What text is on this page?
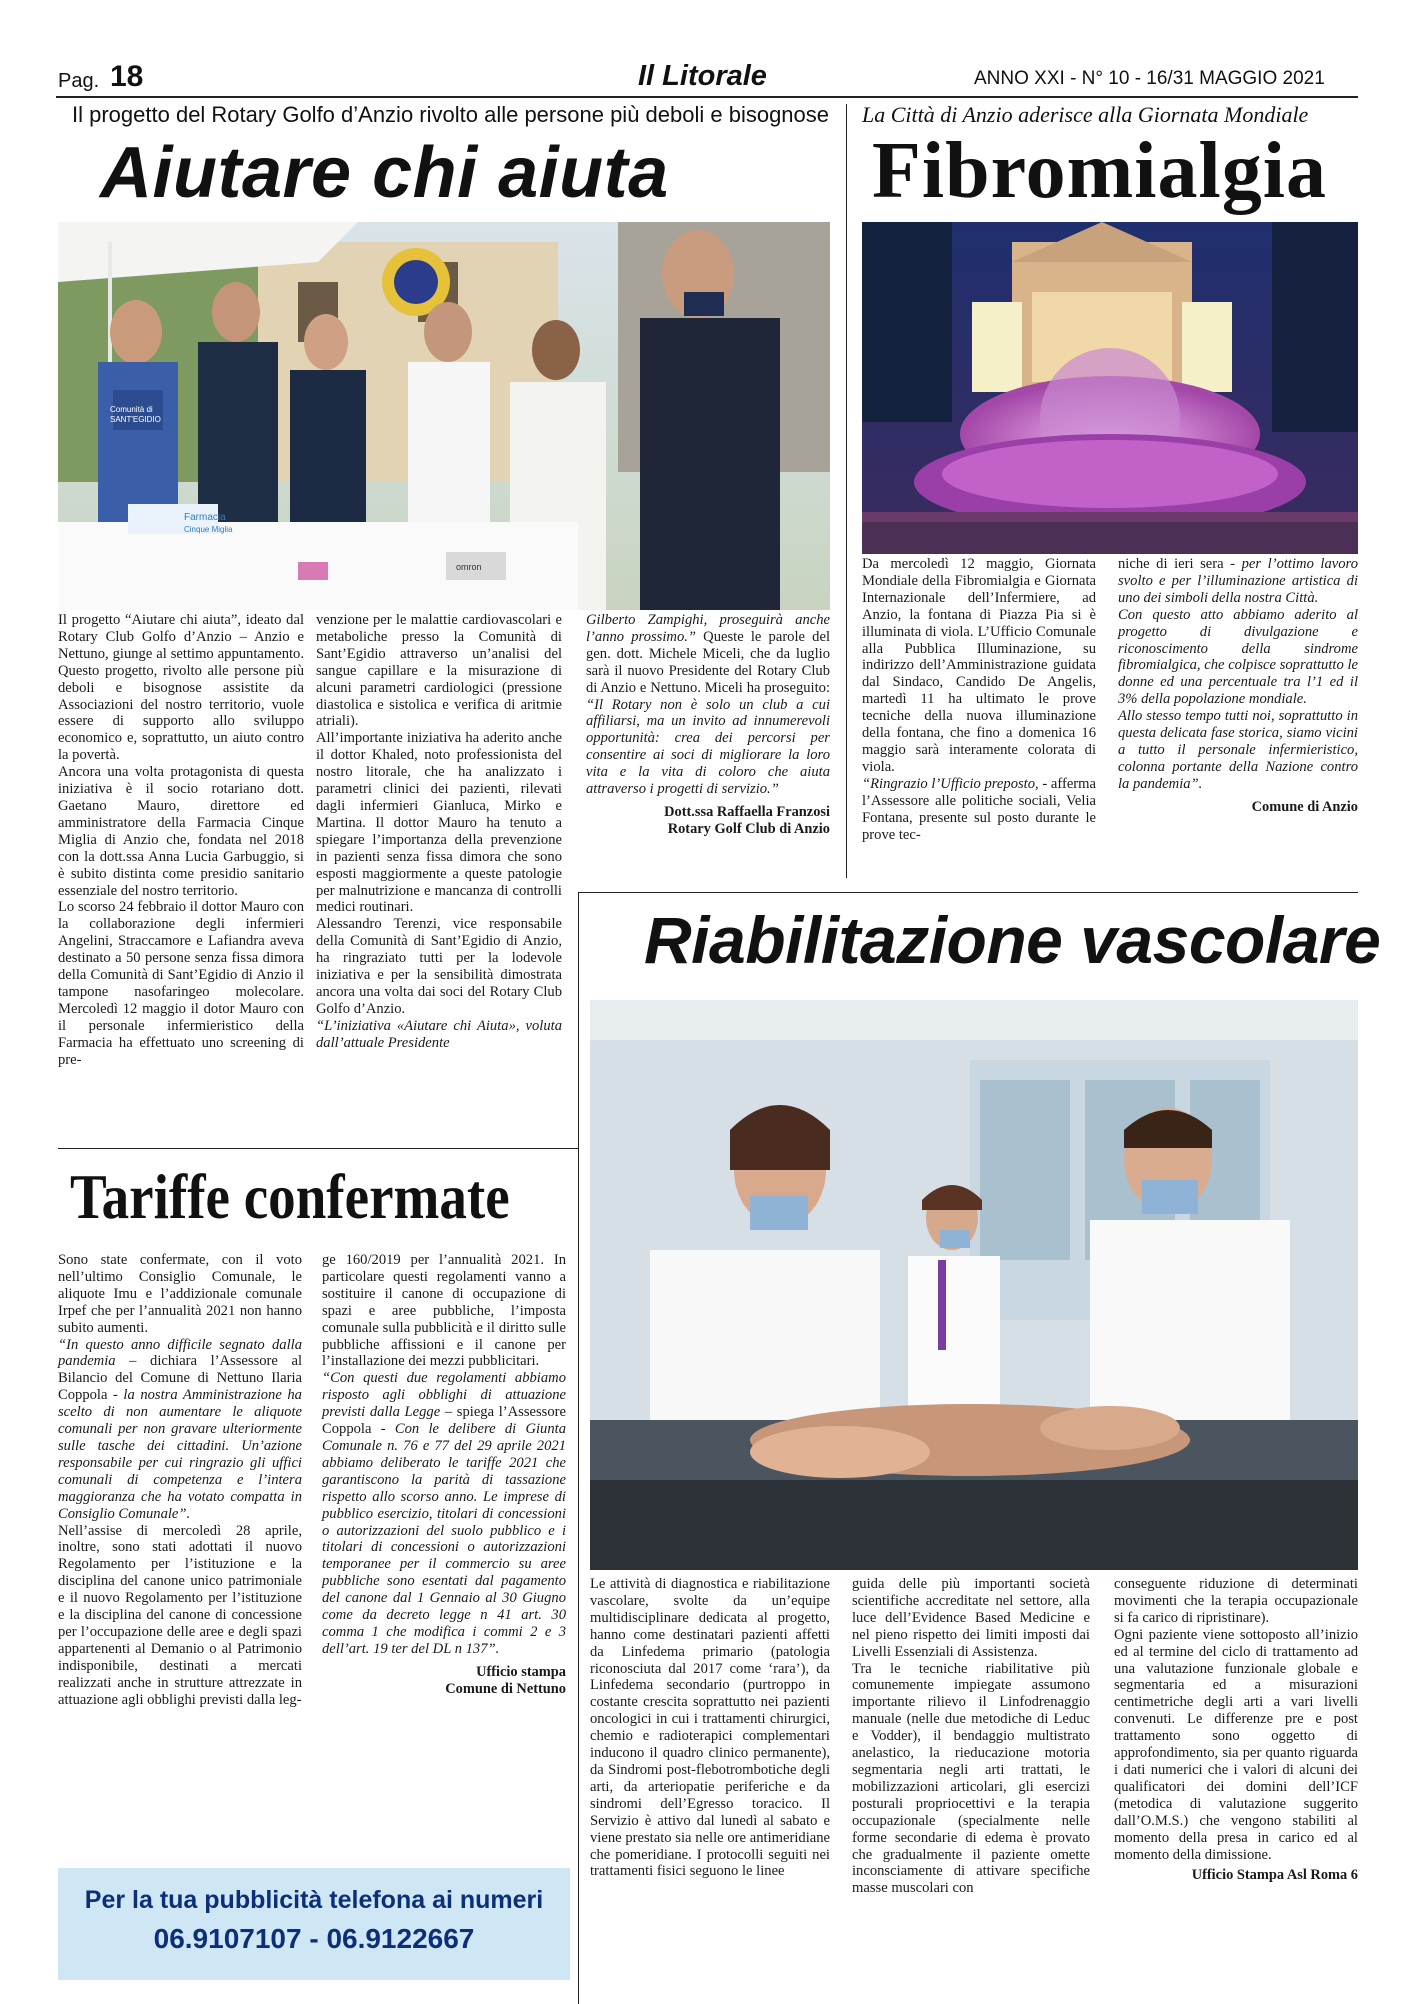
Pag. 18	Il Litorale	ANNO XXI - N° 10 - 16/31 MAGGIO 2021
Il progetto del Rotary Golfo d’Anzio rivolto alle persone più deboli e bisognose
Aiutare chi aiuta
La Città di Anzio aderisce alla Giornata Mondiale
Fibromialgia
Farmacia
Cinque Miglia
Comunità di
SANT'EGIDIO
omron

Il progetto “Aiutare chi aiuta”, ideato dal Rotary Club Golfo d’Anzio – Anzio e Nettuno, giunge al settimo appuntamento. Questo progetto, rivolto alle persone più deboli e bisognose assistite da Associazioni del nostro territorio, vuole essere di supporto allo sviluppo economico e, soprattutto, un aiuto contro la povertà.

Ancora una volta protagonista di questa iniziativa è il socio rotariano dott. Gaetano Mauro, direttore ed amministratore della Farmacia Cinque Miglia di Anzio che, fondata nel 2018 con la dott.ssa Anna Lucia Garbuggio, si è subito distinta come presidio sanitario essenziale del nostro territorio.

Lo scorso 24 febbraio il dottor Mauro con la collaborazione degli infermieri Angelini, Straccamore e Lafiandra aveva destinato a 50 persone senza fissa dimora della Comunità di Sant’Egidio di Anzio il tampone nasofaringeo molecolare. Mercoledì 12 maggio il dotor Mauro con il personale infermieristico della Farmacia ha effettuato uno screening di pre-

venzione per le malattie cardiovascolari e metaboliche presso la Comunità di Sant’Egidio attraverso un’analisi del sangue capillare e la misurazione di alcuni parametri cardiologici (pressione diastolica e sistolica e verifica di aritmie atriali).

All’importante iniziativa ha aderito anche il dottor Khaled, noto professionista del nostro litorale, che ha analizzato i parametri clinici dei pazienti, rilevati dagli infermieri Gianluca, Mirko e Martina. Il dottor Mauro ha tenuto a spiegare l’importanza della prevenzione in pazienti senza fissa dimora che sono esposti maggiormente a queste patologie per malnutrizione e mancanza di controlli medici routinari.

Alessandro Terenzi, vice responsabile della Comunità di Sant’Egidio di Anzio, ha ringraziato tutti per la lodevole iniziativa e per la sensibilità dimostrata ancora una volta dai soci del Rotary Club Golfo d’Anzio.

“L’iniziativa «Aiutare chi Aiuta», voluta dall’attuale Presidente

Gilberto Zampighi, proseguirà anche l’anno prossimo.” Queste le parole del gen. dott. Michele Miceli, che da luglio sarà il nuovo Presidente del Rotary Club di Anzio e Nettuno. Miceli ha proseguito: “Il Rotary non è solo un club a cui affiliarsi, ma un invito ad innumerevoli opportunità: crea dei percorsi per consentire ai soci di migliorare la loro vita e la vita di coloro che aiuta attraverso i progetti di servizio.”

Dott.ssa Raffaella Franzosi

Rotary Golf Club di Anzio

Da mercoledì 12 maggio, Giornata Mondiale della Fibromialgia e Giornata Internazionale dell’Infermiere, ad Anzio, la fontana di Piazza Pia si è illuminata di viola. L’Ufficio Comunale alla Pubblica Illuminazione, su indirizzo dell’Amministrazione guidata dal Sindaco, Candido De Angelis, martedì 11 ha ultimato le prove tecniche della nuova illuminazione della fontana, che fino a domenica 16 maggio sarà interamente colorata di viola.

“Ringrazio l’Ufficio preposto, - afferma l’Assessore alle politiche sociali, Velia Fontana, presente sul posto durante le prove tec-

niche di ieri sera - per l’ottimo lavoro svolto e per l’illuminazione artistica di uno dei simboli della nostra Città.

Con questo atto abbiamo aderito al progetto di divulgazione e riconoscimento della sindrome fibromialgica, che colpisce soprattutto le donne ed una percentuale tra l’1 ed il 3% della popolazione mondiale.

Allo stesso tempo tutti noi, soprattutto in questa delicata fase storica, siamo vicini a tutto il personale infermieristico, colonna portante della Nazione contro la pandemia”.

Comune di Anzio

Riabilitazione vascolare
Tariffe confermate

Sono state confermate, con il voto nell’ultimo Consiglio Comunale, le aliquote Imu e l’addizionale comunale Irpef che per l’annualità 2021 non hanno subito aumenti.

“In questo anno difficile segnato dalla pandemia – dichiara l’Assessore al Bilancio del Comune di Nettuno Ilaria Coppola - la nostra Amministrazione ha scelto di non aumentare le aliquote comunali per non gravare ulteriormente sulle tasche dei cittadini. Un’azione responsabile per cui ringrazio gli uffici comunali di competenza e l’intera maggioranza che ha votato compatta in Consiglio Comunale”.

Nell’assise di mercoledì 28 aprile, inoltre, sono stati adottati il nuovo Regolamento per l’istituzione e la disciplina del canone unico patrimoniale e il nuovo Regolamento per l’istituzione e la disciplina del canone di concessione per l’occupazione delle aree e degli spazi appartenenti al Demanio o al Patrimonio indisponibile, destinati a mercati realizzati anche in strutture attrezzate in attuazione agli obblighi previsti dalla leg-

ge 160/2019 per l’annualità 2021. In particolare questi regolamenti vanno a sostituire il canone di occupazione di spazi e aree pubbliche, l’imposta comunale sulla pubblicità e il diritto sulle pubbliche affissioni e il canone per l’installazione dei mezzi pubblicitari.

“Con questi due regolamenti abbiamo risposto agli obblighi di attuazione previsti dalla Legge – spiega l’Assessore Coppola - Con le delibere di Giunta Comunale n. 76 e 77 del 29 aprile 2021 abbiamo deliberato le tariffe 2021 che garantiscono la parità di tassazione rispetto allo scorso anno. Le imprese di pubblico esercizio, titolari di concessioni o autorizzazioni del suolo pubblico e i titolari di concessioni o autorizzazioni temporanee per il commercio su aree pubbliche sono esentati dal pagamento del canone dal 1 Gennaio al 30 Giugno come da decreto legge n 41 art. 30 comma 1 che modifica i commi 2 e 3 dell’art. 19 ter del DL n 137”.

Ufficio stampa

Comune di Nettuno

Per la tua pubblicità telefona ai numeri
06.9107107 - 06.9122667

Le attività di diagnostica e riabilitazione vascolare, svolte da un’equipe multidisciplinare dedicata al progetto, hanno come destinatari pazienti affetti da Linfedema primario (patologia riconosciuta dal 2017 come ‘rara’), da Linfedema secondario (purtroppo in costante crescita soprattutto nei pazienti oncologici in cui i trattamenti chirurgici, chemio e radioterapici complementari inducono il quadro clinico permanente), da Sindromi post-flebotrombotiche degli arti, da arteriopatie periferiche e da sindromi dell’Egresso toracico. Il Servizio è attivo dal lunedì al sabato e viene prestato sia nelle ore antimeridiane che pomeridiane. I protocolli seguiti nei trattamenti fisici seguono le linee

guida delle più importanti società scientifiche accreditate nel settore, alla luce dell’Evidence Based Medicine e nel pieno rispetto dei limiti imposti dai Livelli Essenziali di Assistenza.

Tra le tecniche riabilitative più comunemente impiegate assumono importante rilievo il Linfodrenaggio manuale (nelle due metodiche di Leduc e Vodder), il bendaggio multistrato anelastico, la rieducazione motoria segmentaria negli arti trattati, le mobilizzazioni articolari, gli esercizi posturali propriocettivi e la terapia occupazionale (specialmente nelle forme secondarie di edema è provato che gradualmente il paziente omette inconsciamente di attivare specifiche masse muscolari con

conseguente riduzione di determinati movimenti che la terapia occupazionale si fa carico di ripristinare).

Ogni paziente viene sottoposto all’inizio ed al termine del ciclo di trattamento ad una valutazione funzionale globale e segmentaria ed a misurazioni centimetriche degli arti a vari livelli convenuti. Le differenze pre e post trattamento sono oggetto di approfondimento, sia per quanto riguarda i dati numerici che i valori di alcuni dei qualificatori dei domini dell’ICF (metodica di valutazione suggerito dall’O.M.S.) che vengono stabiliti al momento della presa in carico ed al momento della dimissione.

Ufficio Stampa Asl Roma 6
